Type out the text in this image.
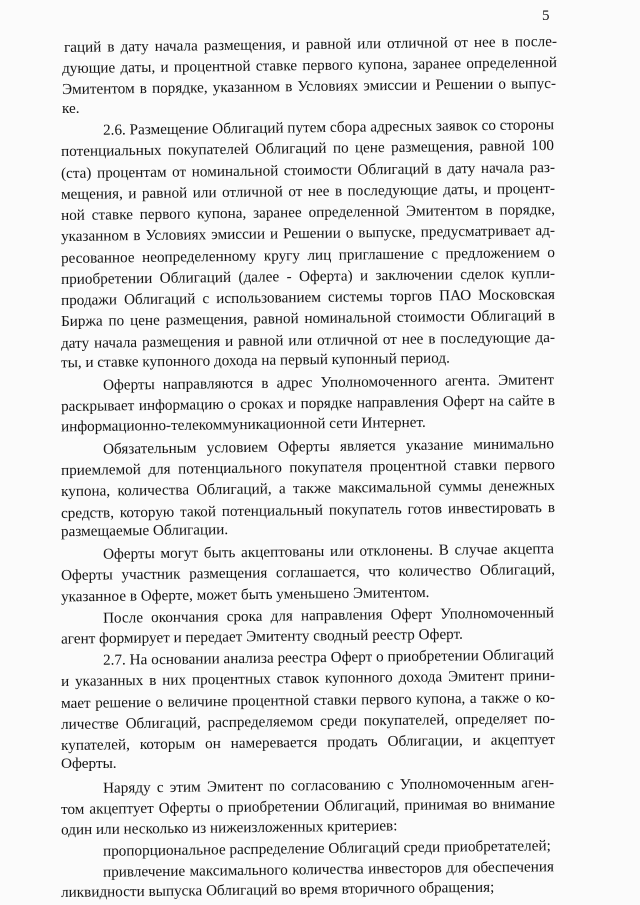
5
гаций в дату начала размещения, и равной или отличной от нее в после-
дующие даты, и процентной ставке первого купона, заранее определенной
Эмитентом в порядке, указанном в Условиях эмиссии и Решении о выпус-
ке.
2.6. Размещение Облигаций путем сбора адресных заявок со стороны
потенциальных покупателей Облигаций по цене размещения, равной 100
(ста) процентам от номинальной стоимости Облигаций в дату начала раз-
мещения, и равной или отличной от нее в последующие даты, и процент-
ной ставке первого купона, заранее определенной Эмитентом в порядке,
указанном в Условиях эмиссии и Решении о выпуске, предусматривает ад-
ресованное неопределенному кругу лиц приглашение с предложением о
приобретении Облигаций (далее - Оферта) и заключении сделок купли-
продажи Облигаций с использованием системы торгов ПАО Московская
Биржа по цене размещения, равной номинальной стоимости Облигаций в
дату начала размещения и равной или отличной от нее в последующие да-
ты, и ставке купонного дохода на первый купонный период.
Оферты направляются в адрес Уполномоченного агента. Эмитент
раскрывает информацию о сроках и порядке направления Оферт на сайте в
информационно-телекоммуникационной сети Интернет.
Обязательным условием Оферты является указание минимально
приемлемой для потенциального покупателя процентной ставки первого
купона, количества Облигаций, а также максимальной суммы денежных
средств, которую такой потенциальный покупатель готов инвестировать в
размещаемые Облигации.
Оферты могут быть акцептованы или отклонены. В случае акцепта
Оферты участник размещения соглашается, что количество Облигаций,
указанное в Оферте, может быть уменьшено Эмитентом.
После окончания срока для направления Оферт Уполномоченный
агент формирует и передает Эмитенту сводный реестр Оферт.
2.7. На основании анализа реестра Оферт о приобретении Облигаций
и указанных в них процентных ставок купонного дохода Эмитент прини-
мает решение о величине процентной ставки первого купона, а также о ко-
личестве Облигаций, распределяемом среди покупателей, определяет по-
купателей, которым он намеревается продать Облигации, и акцептует
Оферты.
Наряду с этим Эмитент по согласованию с Уполномоченным аген-
том акцептует Оферты о приобретении Облигаций, принимая во внимание
один или несколько из нижеизложенных критериев:
пропорциональное распределение Облигаций среди приобретателей;
привлечение максимального количества инвесторов для обеспечения
ликвидности выпуска Облигаций во время вторичного обращения;
